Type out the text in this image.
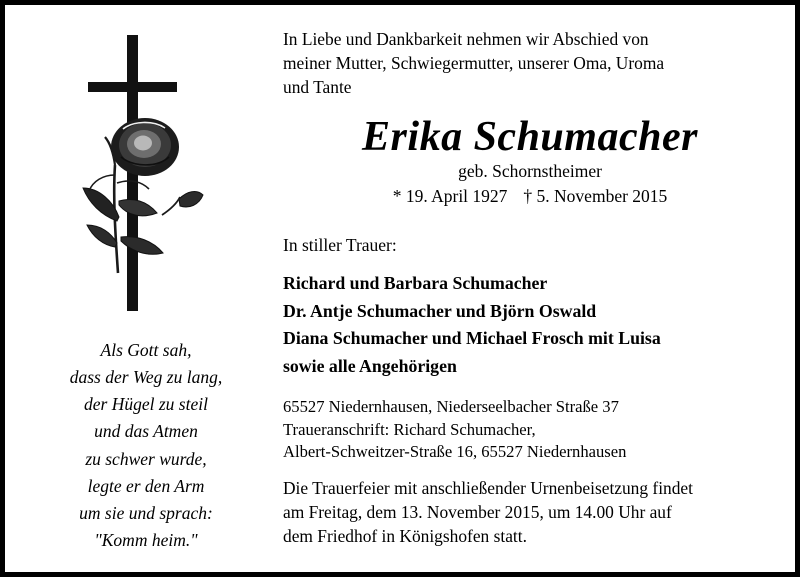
Als Gott sah,
dass der Weg zu lang,
der Hügel zu steil
und das Atmen
zu schwer wurde,
legte er den Arm
um sie und sprach:
"Komm heim."
In Liebe und Dankbarkeit nehmen wir Abschied von
meiner Mutter, Schwiegermutter, unserer Oma, Uroma
und Tante
Erika Schumacher
geb. Schornstheimer
* 19. April 1927 † 5. November 2015
In stiller Trauer:
Richard und Barbara Schumacher
Dr. Antje Schumacher und Björn Oswald
Diana Schumacher und Michael Frosch mit Luisa
sowie alle Angehörigen
65527 Niedernhausen, Niederseelbacher Straße 37
Traueranschrift: Richard Schumacher,
Albert-Schweitzer-Straße 16, 65527 Niedernhausen
Die Trauerfeier mit anschließender Urnenbeisetzung findet
am Freitag, dem 13. November 2015, um 14.00 Uhr auf
dem Friedhof in Königshofen statt.
